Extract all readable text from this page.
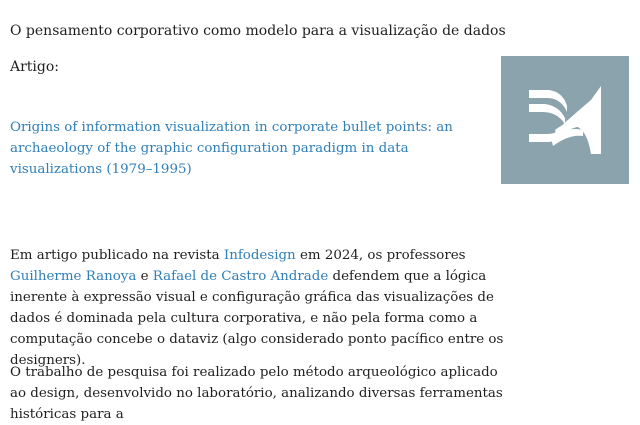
O pensamento corporativo como modelo para a visualização de dados
Artigo:
Origins of information visualization in corporate bullet points: an archaeology of the graphic configuration paradigm in data visualizations (1979–1995)

Em artigo publicado na revista Infodesign em 2024, os professores Guilherme Ranoya e Rafael de Castro Andrade defendem que a lógica inerente à expressão visual e configuração gráfica das visualizações de dados é dominada pela cultura corporativa, e não pela forma como a computação concebe o dataviz (algo considerado ponto pacífico entre os designers).

O trabalho de pesquisa foi realizado pelo método arqueológico aplicado ao design, desenvolvido no laboratório, analizando diversas ferramentas históricas para a
